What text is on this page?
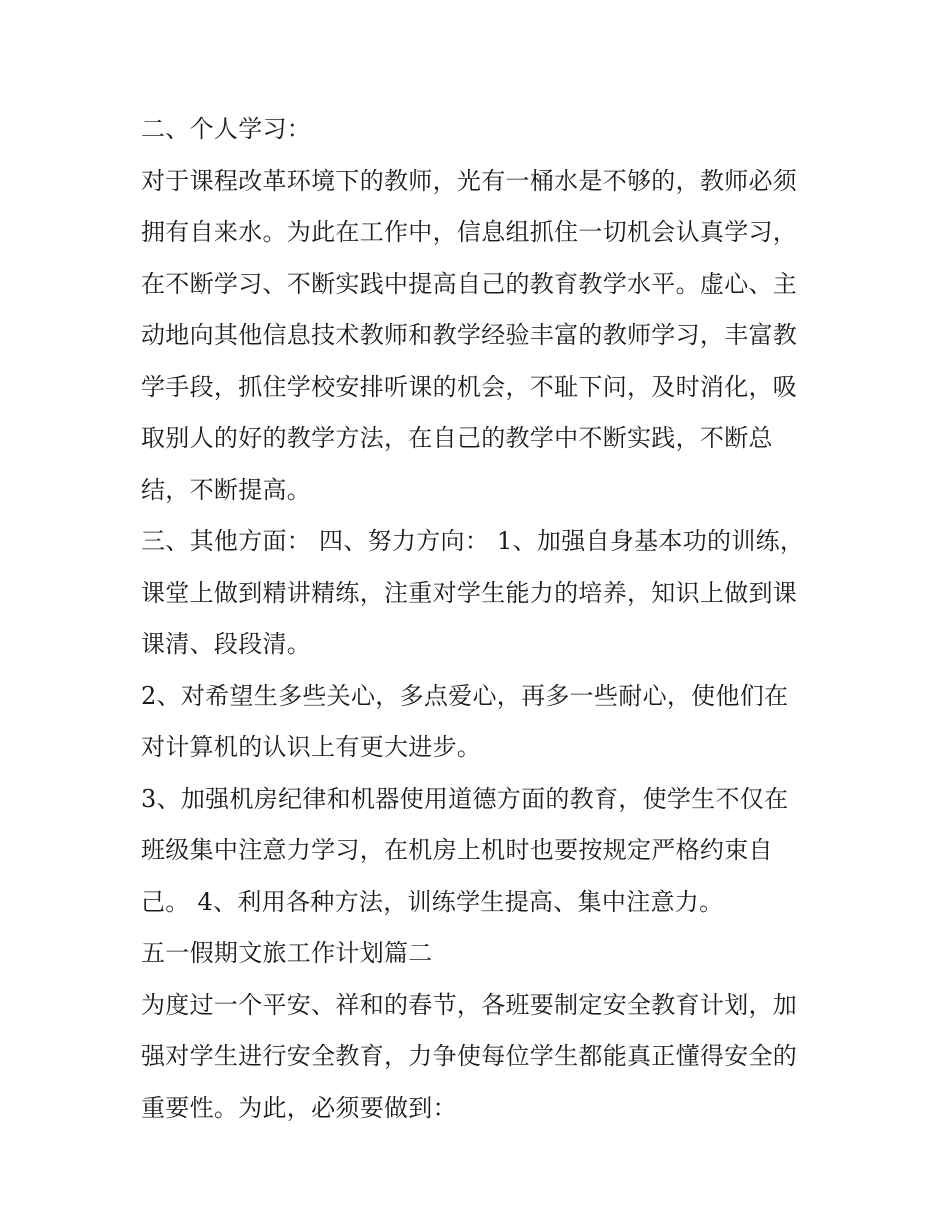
二、个人学习：
对于课程改革环境下的教师，光有一桶水是不够的，教师必须
拥有自来水。为此在工作中，信息组抓住一切机会认真学习，
在不断学习、不断实践中提高自己的教育教学水平。虚心、主
动地向其他信息技术教师和教学经验丰富的教师学习，丰富教
学手段，抓住学校安排听课的机会，不耻下问，及时消化，吸
取别人的好的教学方法，在自己的教学中不断实践，不断总
结，不断提高。
三、其他方面： 四、努力方向： 1、加强自身基本功的训练，
课堂上做到精讲精练，注重对学生能力的培养，知识上做到课
课清、段段清。
2、对希望生多些关心，多点爱心，再多一些耐心，使他们在
对计算机的认识上有更大进步。
3、加强机房纪律和机器使用道德方面的教育，使学生不仅在
班级集中注意力学习，在机房上机时也要按规定严格约束自
己。 4、利用各种方法，训练学生提高、集中注意力。
五一假期文旅工作计划篇二
为度过一个平安、祥和的春节，各班要制定安全教育计划，加
强对学生进行安全教育，力争使每位学生都能真正懂得安全的
重要性。为此，必须要做到：
